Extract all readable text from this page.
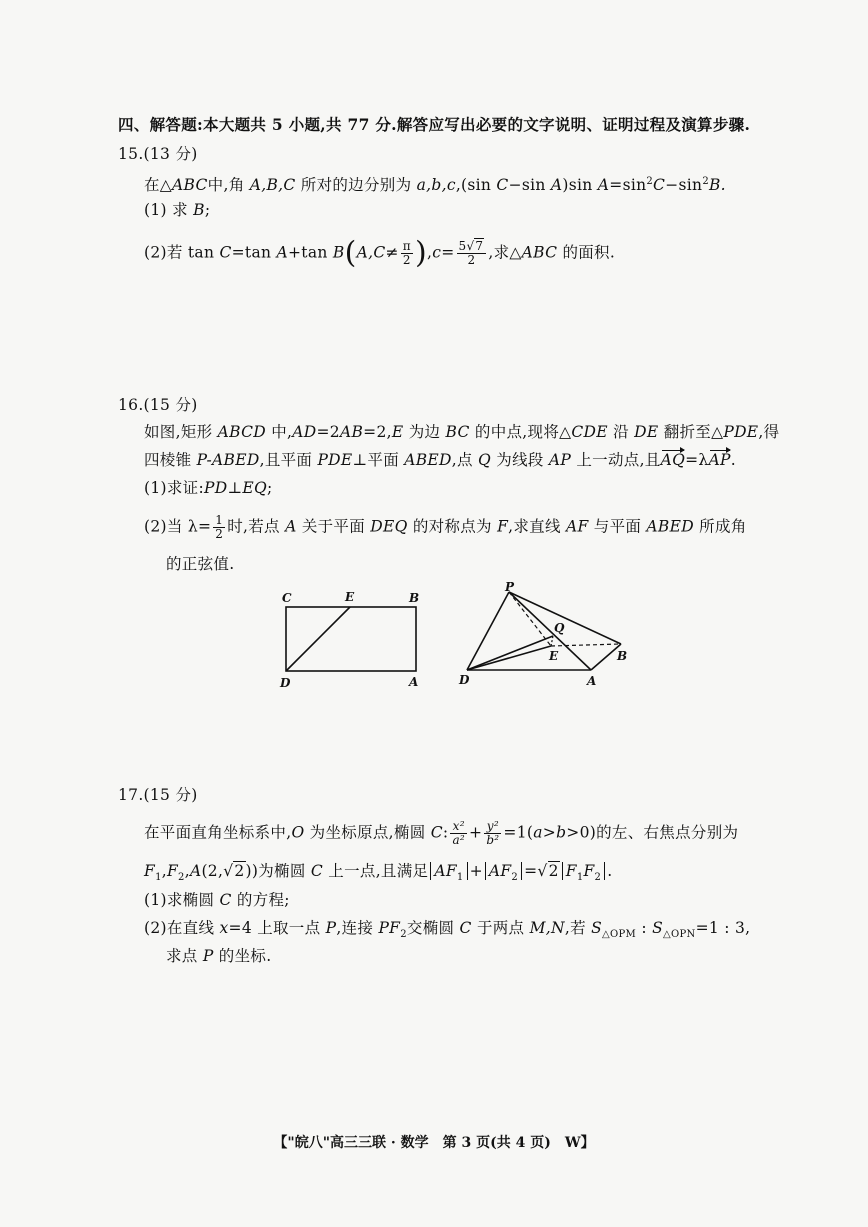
四、解答题:本大题共 5 小题,共 77 分.解答应写出必要的文字说明、证明过程及演算步骤.
15.(13 分)
在△ABC中,角 A,B,C 所对的边分别为 a,b,c,(sin C−sin A)sin $A=\sin^2C-\sin^2B$.
(1) 求 B;
(2)若 tan C=tan A+tan $B(A,C\ne \frac{\pi}{2} ),c= \frac{5√7}{2}$ ,求△ABC 的面积.
16.(15 分)
如图,矩形 ABCD 中,AD=2AB=2,E 为边 BC 的中点,现将△CDE 沿 DE 翻折至△PDE,得
四棱锥 P-ABED,且平面 PDE⊥平面 ABED,点 Q 为线段 AP 上一动点,且AQ=λAP.
(1)求证:PD⊥EQ;
(2)当 $\lambda= \frac{1}{2}$ 时,若点 A 关于平面 DEQ 的对称点为 F,求直线 AF 与平面 ABED 所成角
的正弦值.
C	E	B
D	A
P
Q
E	B
D	A
17.(15 分)
在平面直角坐标系中,O 为坐标原点,椭圆 C: $\frac{\text{x²}}{\text{a²}} + \frac{\text{y²}}{\text{b²}} =1(a>b>0)$的左、右焦点分别为
$F_1,F_2,A(2,√2)$)为椭圆 C 上一点,且满足 $AF_1 + AF_2 =√2$ $F_1F_2$ .
(1)求椭圆 C 的方程;
(2)在直线 x=4 上取一点 P,连接 $PF_2$交椭圆 C 于两点 M,N,若 $S_{\triangle OPM}$ : $S_{\triangle OPN}=1$ : 3,
求点 P 的坐标.
【"皖八"高三三联 · 数学　第 3 页(共 4 页)　W】
